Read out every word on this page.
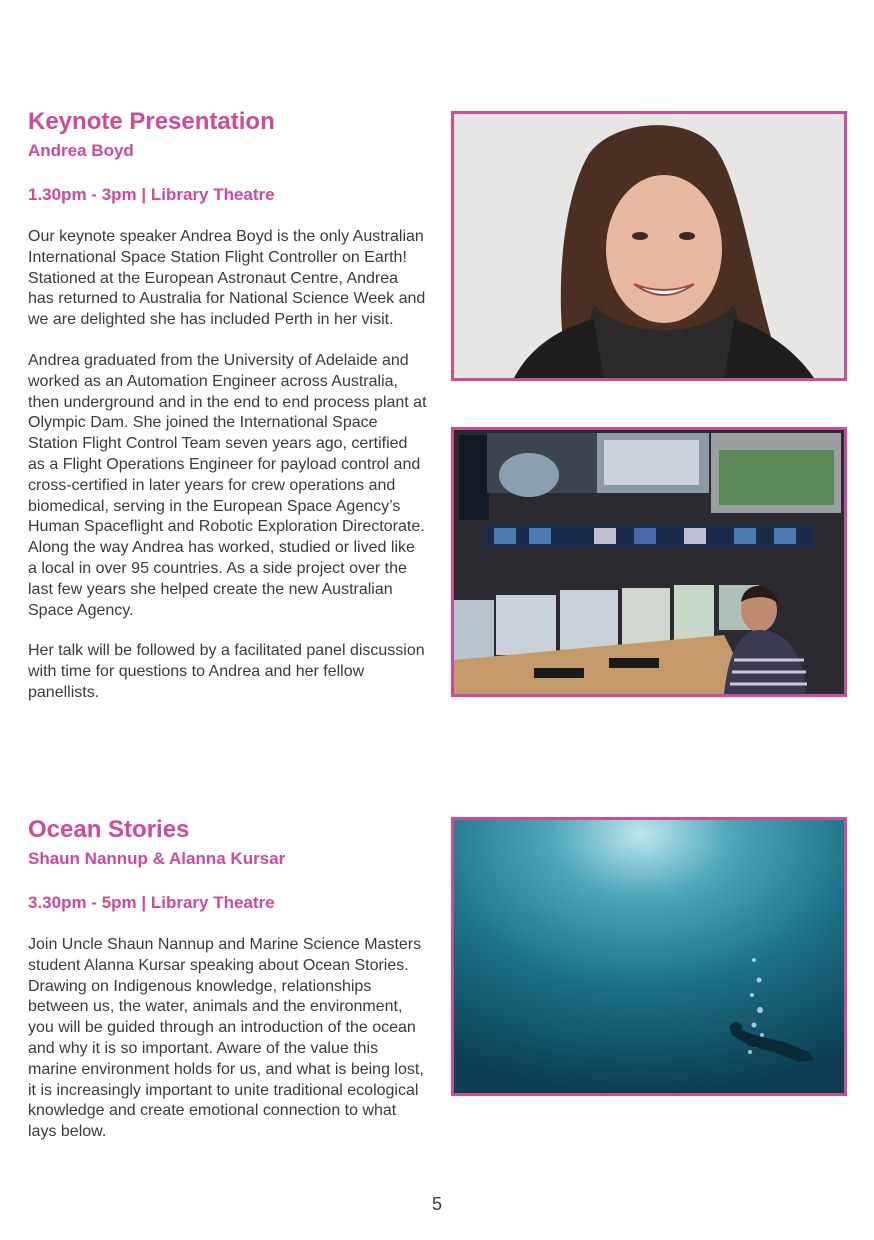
Keynote Presentation
Andrea Boyd
1.30pm - 3pm | Library Theatre

Our keynote speaker Andrea Boyd is the only Australian International Space Station Flight Controller on Earth! Stationed at the European Astronaut Centre, Andrea has returned to Australia for National Science Week and we are delighted she has included Perth in her visit.

Andrea graduated from the University of Adelaide and worked as an Automation Engineer across Australia, then underground and in the end to end process plant at Olympic Dam. She joined the International Space Station Flight Control Team seven years ago, certified as a Flight Operations Engineer for payload control and cross-certified in later years for crew operations and biomedical, serving in the European Space Agency’s Human Spaceflight and Robotic Exploration Directorate. Along the way Andrea has worked, studied or lived like a local in over 95 countries. As a side project over the last few years she helped create the new Australian Space Agency.

Her talk will be followed by a facilitated panel discussion with time for questions to Andrea and her fellow panellists.

Ocean Stories
Shaun Nannup & Alanna Kursar
3.30pm - 5pm | Library Theatre

Join Uncle Shaun Nannup and Marine Science Masters student Alanna Kursar speaking about Ocean Stories. Drawing on Indigenous knowledge, relationships between us, the water, animals and the environment, you will be guided through an introduction of the ocean and why it is so important. Aware of the value this marine environment holds for us, and what is being lost, it is increasingly important to unite traditional ecological knowledge and create emotional connection to what lays below.

5
